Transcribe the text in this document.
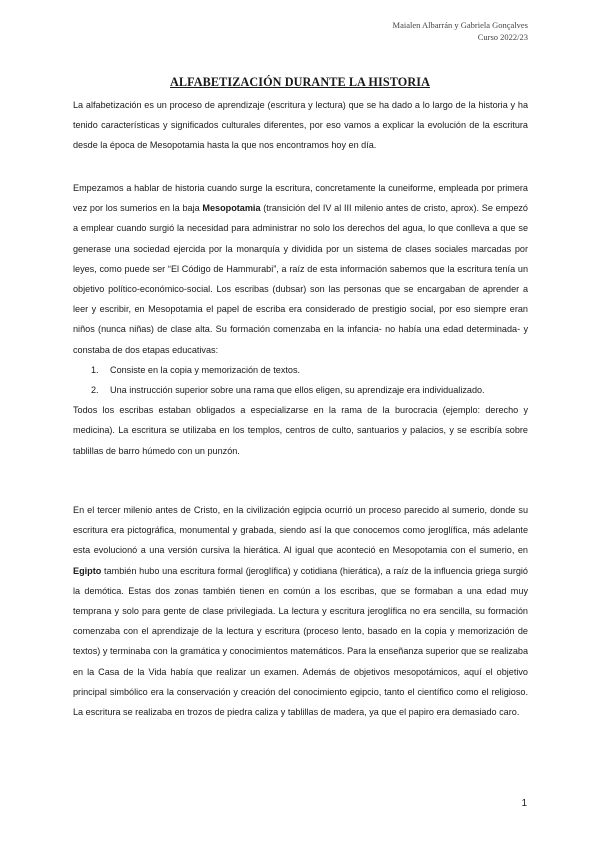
Maialen Albarrán y Gabriela Gonçalves
Curso 2022/23
ALFABETIZACIÓN DURANTE LA HISTORIA

La alfabetización es un proceso de aprendizaje (escritura y lectura) que se ha dado a lo largo de la historia y ha tenido características y significados culturales diferentes, por eso vamos a explicar la evolución de la escritura desde la época de Mesopotamia hasta la que nos encontramos hoy en día.

Empezamos a hablar de historia cuando surge la escritura, concretamente la cuneiforme, empleada por primera vez por los sumerios en la baja Mesopotamia (transición del IV al III milenio antes de cristo, aprox). Se empezó a emplear cuando surgió la necesidad para administrar no solo los derechos del agua, lo que conlleva a que se generase una sociedad ejercida por la monarquía y dividida por un sistema de clases sociales marcadas por leyes, como puede ser “El Código de Hammurabi”, a raíz de esta información sabemos que la escritura tenía un objetivo político-económico-social. Los escribas (dubsar) son las personas que se encargaban de aprender a leer y escribir, en Mesopotamia el papel de escriba era considerado de prestigio social, por eso siempre eran niños (nunca niñas) de clase alta. Su formación comenzaba en la infancia- no había una edad determinada- y constaba de dos etapas educativas:

1. Consiste en la copia y memorización de textos.
2. Una instrucción superior sobre una rama que ellos eligen, su aprendizaje era individualizado.

Todos los escribas estaban obligados a especializarse en la rama de la burocracia (ejemplo: derecho y medicina). La escritura se utilizaba en los templos, centros de culto, santuarios y palacios, y se escribía sobre tablillas de barro húmedo con un punzón.

En el tercer milenio antes de Cristo, en la civilización egipcia ocurrió un proceso parecido al sumerio, donde su escritura era pictográfica, monumental y grabada, siendo así la que conocemos como jeroglífica, más adelante esta evolucionó a una versión cursiva la hierática. Al igual que aconteció en Mesopotamia con el sumerio, en Egipto también hubo una escritura formal (jeroglífica) y cotidiana (hierática), a raíz de la influencia griega surgió la demótica. Estas dos zonas también tienen en común a los escribas, que se formaban a una edad muy temprana y solo para gente de clase privilegiada. La lectura y escritura jeroglífica no era sencilla, su formación comenzaba con el aprendizaje de la lectura y escritura (proceso lento, basado en la copia y memorización de textos) y terminaba con la gramática y conocimientos matemáticos. Para la enseñanza superior que se realizaba en la Casa de la Vida había que realizar un examen. Además de objetivos mesopotámicos, aquí el objetivo principal simbólico era la conservación y creación del conocimiento egipcio, tanto el científico como el religioso. La escritura se realizaba en trozos de piedra caliza y tablillas de madera, ya que el papiro era demasiado caro.

1
